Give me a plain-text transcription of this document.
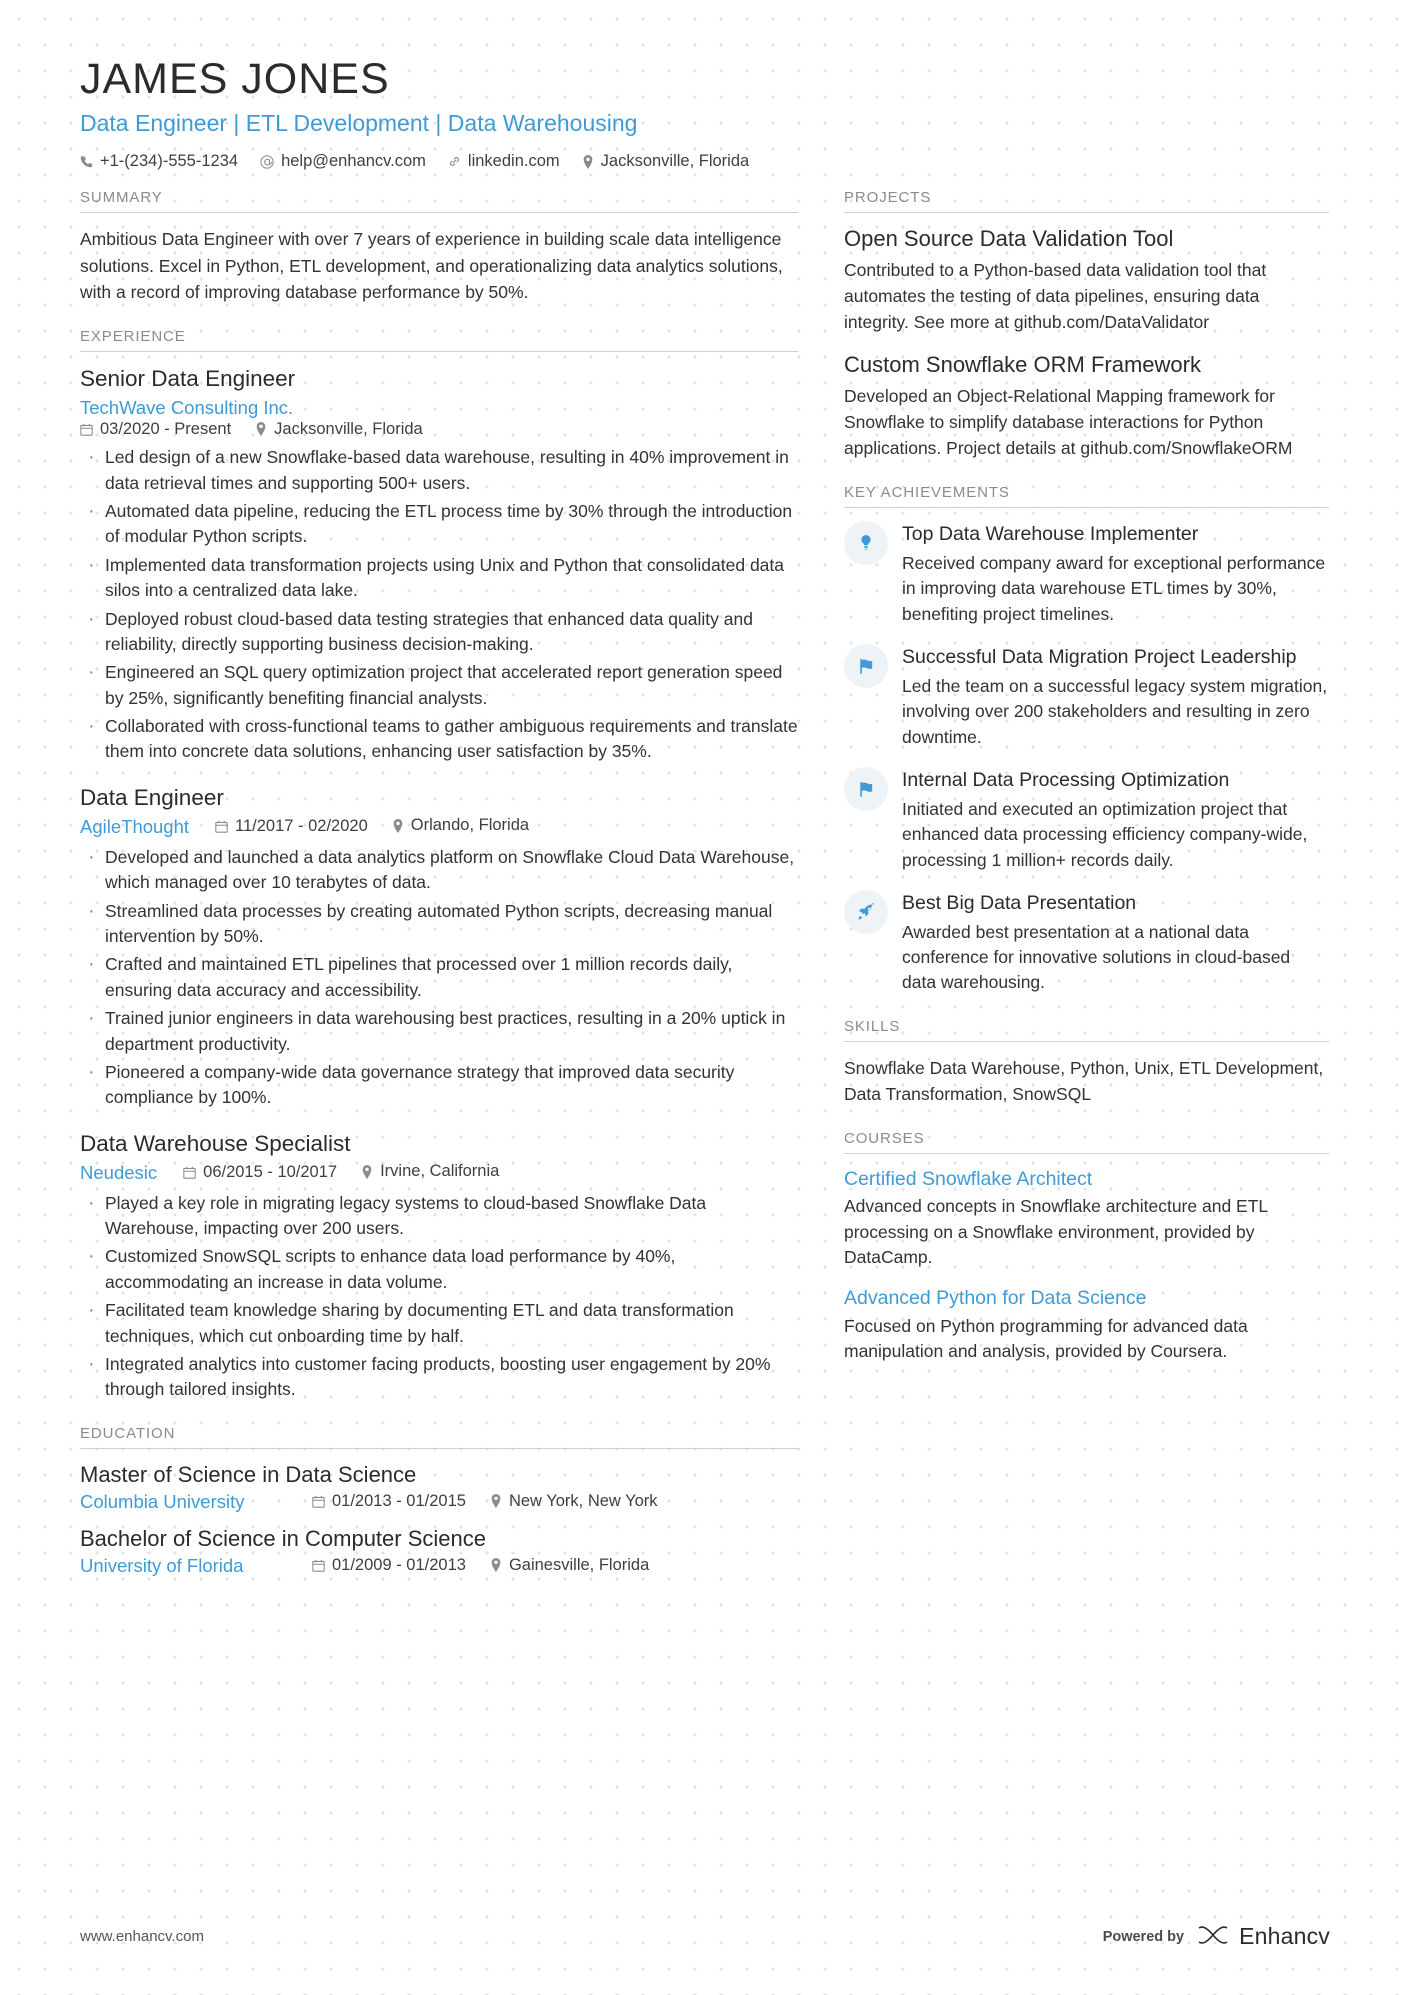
JAMES JONES
Data Engineer | ETL Development | Data Warehousing
+1-(234)-555-1234	help@enhancv.com	linkedin.com Jacksonville, Florida
SUMMARY

Ambitious Data Engineer with over 7 years of experience in building scale data intelligence solutions. Excel in Python, ETL development, and operationalizing data analytics solutions, with a record of improving database performance by 50%.

EXPERIENCE
Senior Data Engineer
TechWave Consulting Inc.
03/2020 - Present	Jacksonville, Florida
· Led design of a new Snowflake-based data warehouse, resulting in 40% improvement in data retrieval times and supporting 500+ users.
· Automated data pipeline, reducing the ETL process time by 30% through the introduction of modular Python scripts.
· Implemented data transformation projects using Unix and Python that consolidated data silos into a centralized data lake.
· Deployed robust cloud-based data testing strategies that enhanced data quality and reliability, directly supporting business decision-making.
· Engineered an SQL query optimization project that accelerated report generation speed by 25%, significantly benefiting financial analysts.
· Collaborated with cross-functional teams to gather ambiguous requirements and translate them into concrete data solutions, enhancing user satisfaction by 35%.
Data Engineer
AgileThought	11/2017 - 02/2020	Orlando, Florida
· Developed and launched a data analytics platform on Snowflake Cloud Data Warehouse, which managed over 10 terabytes of data.
· Streamlined data processes by creating automated Python scripts, decreasing manual intervention by 50%.
· Crafted and maintained ETL pipelines that processed over 1 million records daily, ensuring data accuracy and accessibility.
· Trained junior engineers in data warehousing best practices, resulting in a 20% uptick in department productivity.
· Pioneered a company-wide data governance strategy that improved data security compliance by 100%.
Data Warehouse Specialist
Neudesic	06/2015 - 10/2017	Irvine, California
· Played a key role in migrating legacy systems to cloud-based Snowflake Data Warehouse, impacting over 200 users.
· Customized SnowSQL scripts to enhance data load performance by 40%, accommodating an increase in data volume.
· Facilitated team knowledge sharing by documenting ETL and data transformation techniques, which cut onboarding time by half.
· Integrated analytics into customer facing products, boosting user engagement by 20% through tailored insights.
EDUCATION
Master of Science in Data Science
Columbia University	01/2013 - 01/2015	New York, New York
Bachelor of Science in Computer Science
University of Florida	01/2009 - 01/2013	Gainesville, Florida
PROJECTS
Open Source Data Validation Tool

Contributed to a Python-based data validation tool that automates the testing of data pipelines, ensuring data integrity. See more at github.com/DataValidator

Custom Snowflake ORM Framework

Developed an Object-Relational Mapping framework for Snowflake to simplify database interactions for Python applications. Project details at github.com/SnowflakeORM

KEY ACHIEVEMENTS
Top Data Warehouse Implementer

Received company award for exceptional performance in improving data warehouse ETL times by 30%, benefiting project timelines.

Successful Data Migration Project Leadership

Led the team on a successful legacy system migration, involving over 200 stakeholders and resulting in zero downtime.

Internal Data Processing Optimization

Initiated and executed an optimization project that enhanced data processing efficiency company-wide, processing 1 million+ records daily.

Best Big Data Presentation

Awarded best presentation at a national data conference for innovative solutions in cloud-based data warehousing.

SKILLS

Snowflake Data Warehouse, Python, Unix, ETL Development, Data Transformation, SnowSQL

COURSES
Certified Snowflake Architect

Advanced concepts in Snowflake architecture and ETL processing on a Snowflake environment, provided by DataCamp.

Advanced Python for Data Science

Focused on Python programming for advanced data manipulation and analysis, provided by Coursera.

www.enhancv.com	Powered by Enhancv
